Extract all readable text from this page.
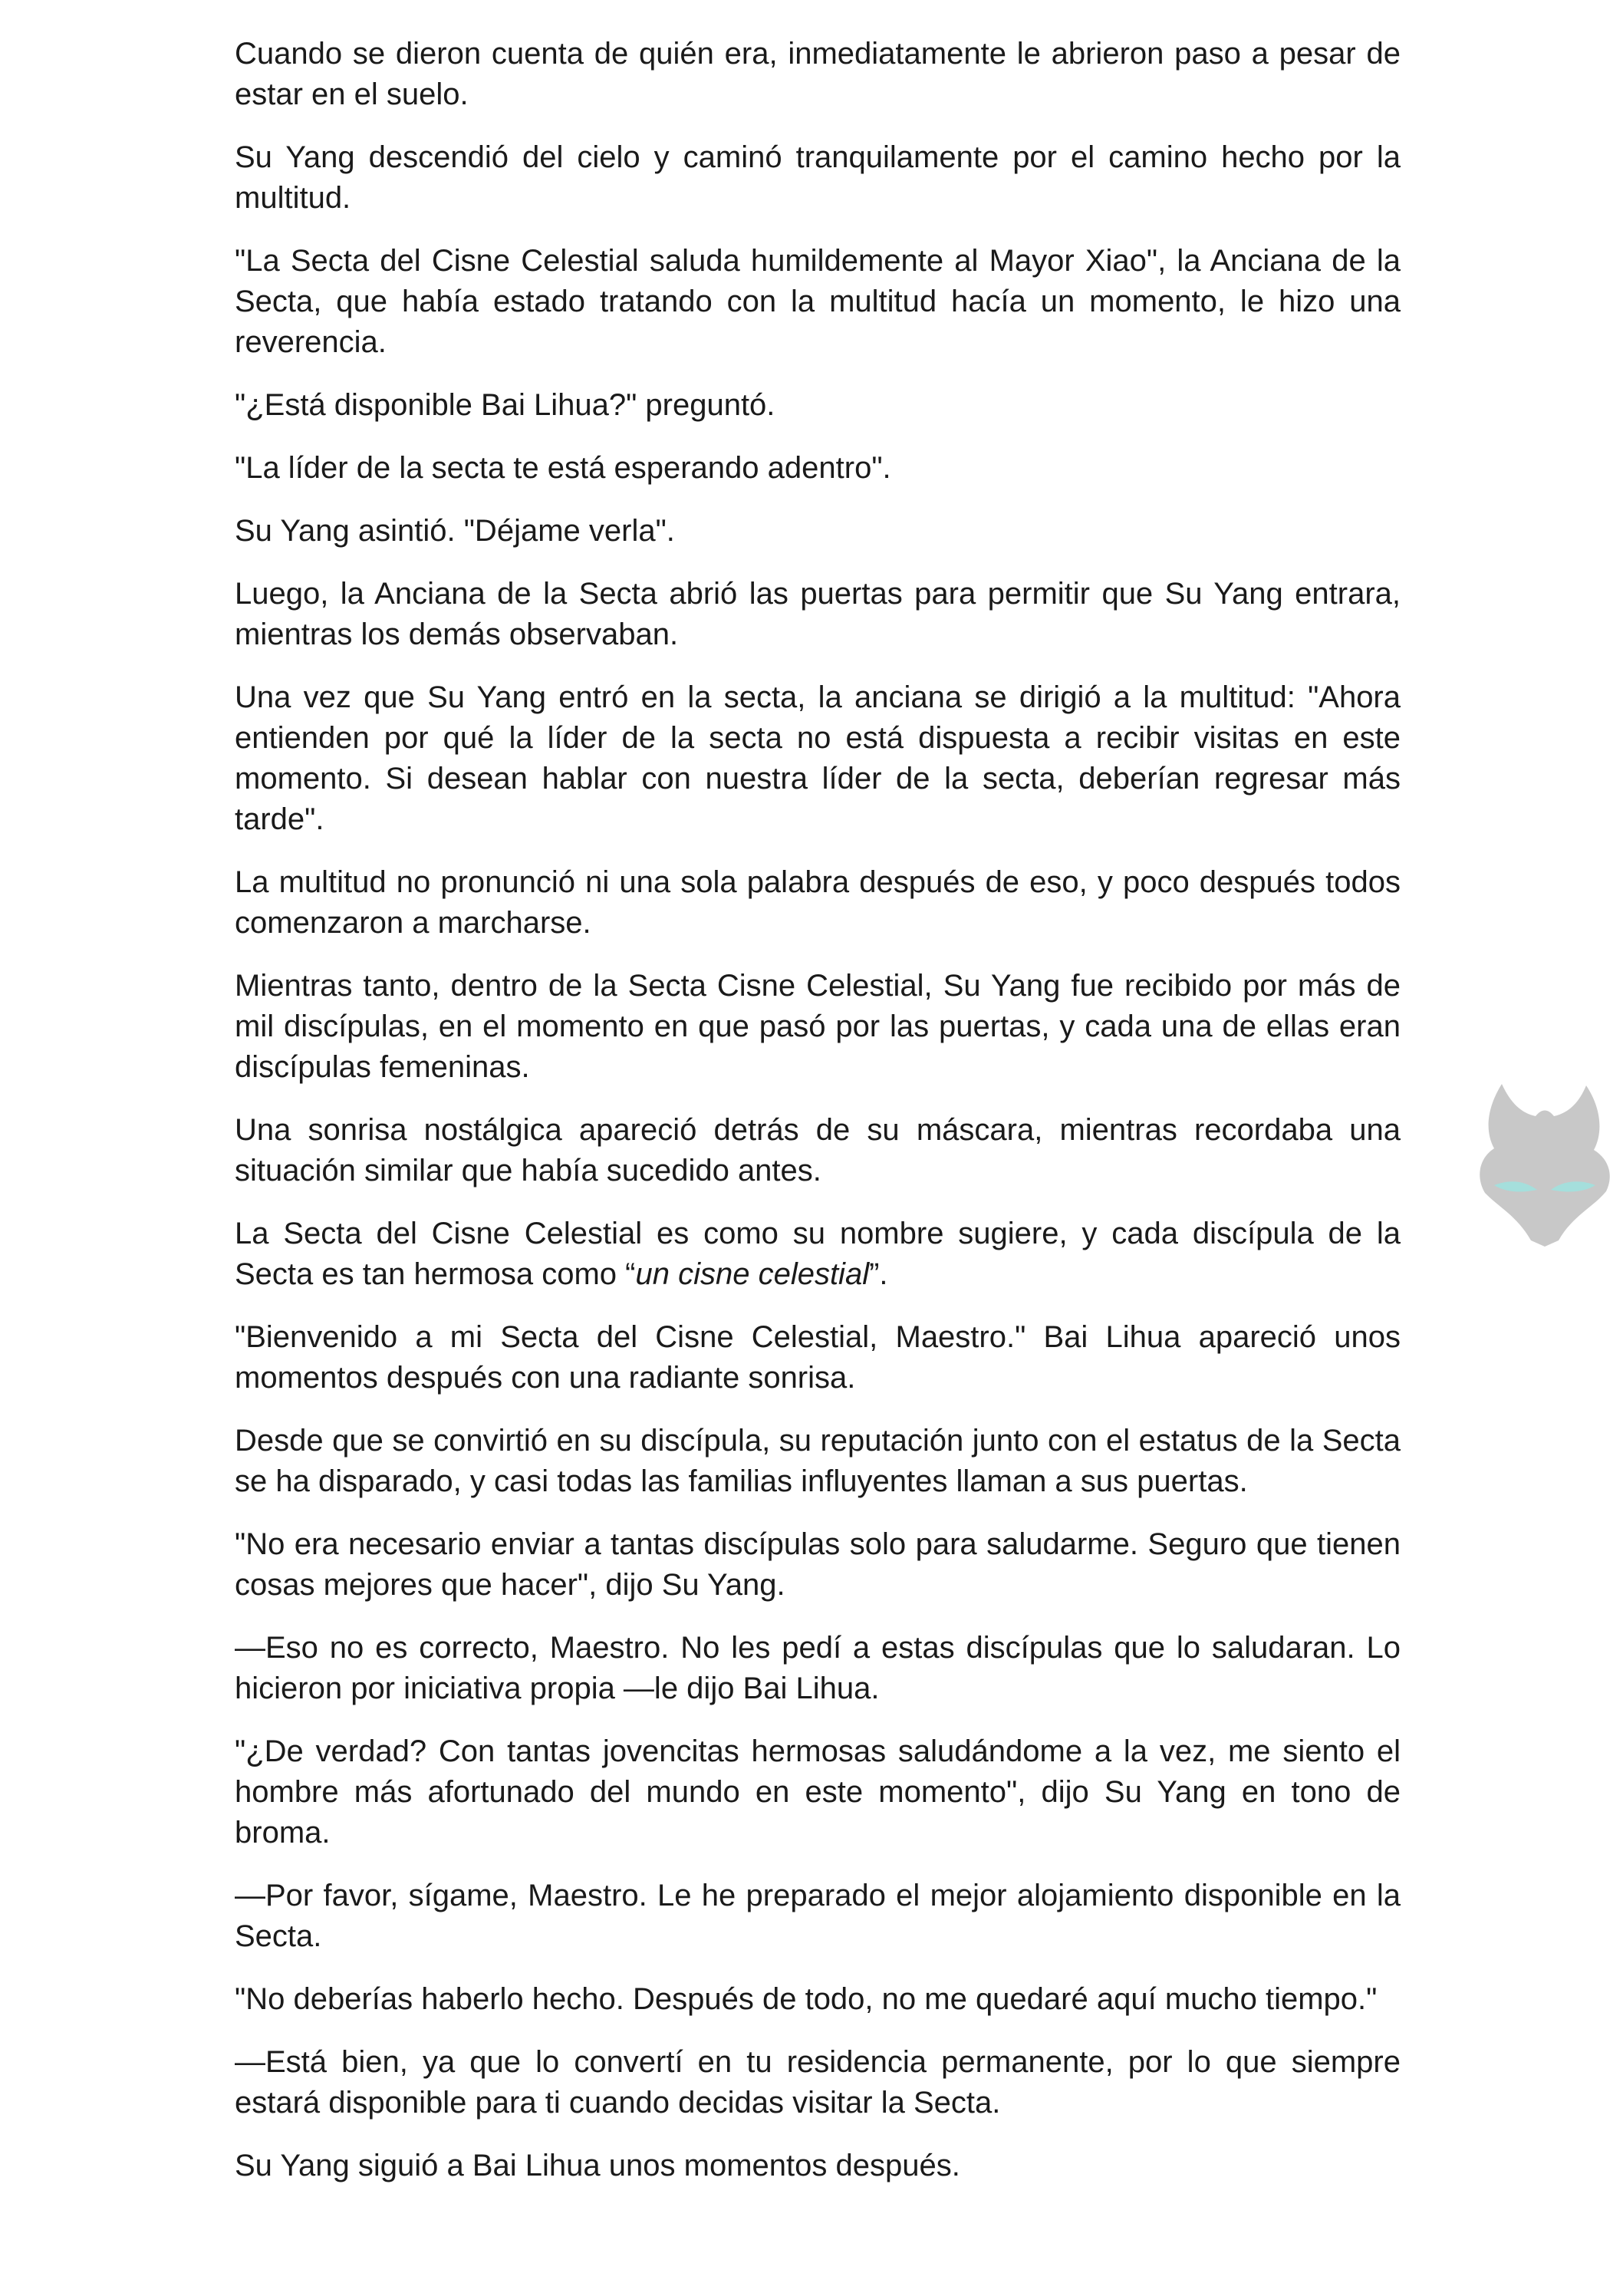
Cuando se dieron cuenta de quién era, inmediatamente le abrieron paso a pesar de estar en el suelo.

Su Yang descendió del cielo y caminó tranquilamente por el camino hecho por la multitud.

"La Secta del Cisne Celestial saluda humildemente al Mayor Xiao", la Anciana de la Secta, que había estado tratando con la multitud hacía un momento, le hizo una reverencia.

"¿Está disponible Bai Lihua?" preguntó.

"La líder de la secta te está esperando adentro".

Su Yang asintió. "Déjame verla".

Luego, la Anciana de la Secta abrió las puertas para permitir que Su Yang entrara, mientras los demás observaban.

Una vez que Su Yang entró en la secta, la anciana se dirigió a la multitud: "Ahora entienden por qué la líder de la secta no está dispuesta a recibir visitas en este momento. Si desean hablar con nuestra líder de la secta, deberían regresar más tarde".

La multitud no pronunció ni una sola palabra después de eso, y poco después todos comenzaron a marcharse.

Mientras tanto, dentro de la Secta Cisne Celestial, Su Yang fue recibido por más de mil discípulas, en el momento en que pasó por las puertas, y cada una de ellas eran discípulas femeninas.

Una sonrisa nostálgica apareció detrás de su máscara, mientras recordaba una situación similar que había sucedido antes.

La Secta del Cisne Celestial es como su nombre sugiere, y cada discípula de la Secta es tan hermosa como “un cisne celestial”.

"Bienvenido a mi Secta del Cisne Celestial, Maestro." Bai Lihua apareció unos momentos después con una radiante sonrisa.

Desde que se convirtió en su discípula, su reputación junto con el estatus de la Secta se ha disparado, y casi todas las familias influyentes llaman a sus puertas.

"No era necesario enviar a tantas discípulas solo para saludarme. Seguro que tienen cosas mejores que hacer", dijo Su Yang.

—Eso no es correcto, Maestro. No les pedí a estas discípulas que lo saludaran. Lo hicieron por iniciativa propia —le dijo Bai Lihua.

"¿De verdad? Con tantas jovencitas hermosas saludándome a la vez, me siento el hombre más afortunado del mundo en este momento", dijo Su Yang en tono de broma.

—Por favor, sígame, Maestro. Le he preparado el mejor alojamiento disponible en la Secta.

"No deberías haberlo hecho. Después de todo, no me quedaré aquí mucho tiempo."

—Está bien, ya que lo convertí en tu residencia permanente, por lo que siempre estará disponible para ti cuando decidas visitar la Secta.

Su Yang siguió a Bai Lihua unos momentos después.
